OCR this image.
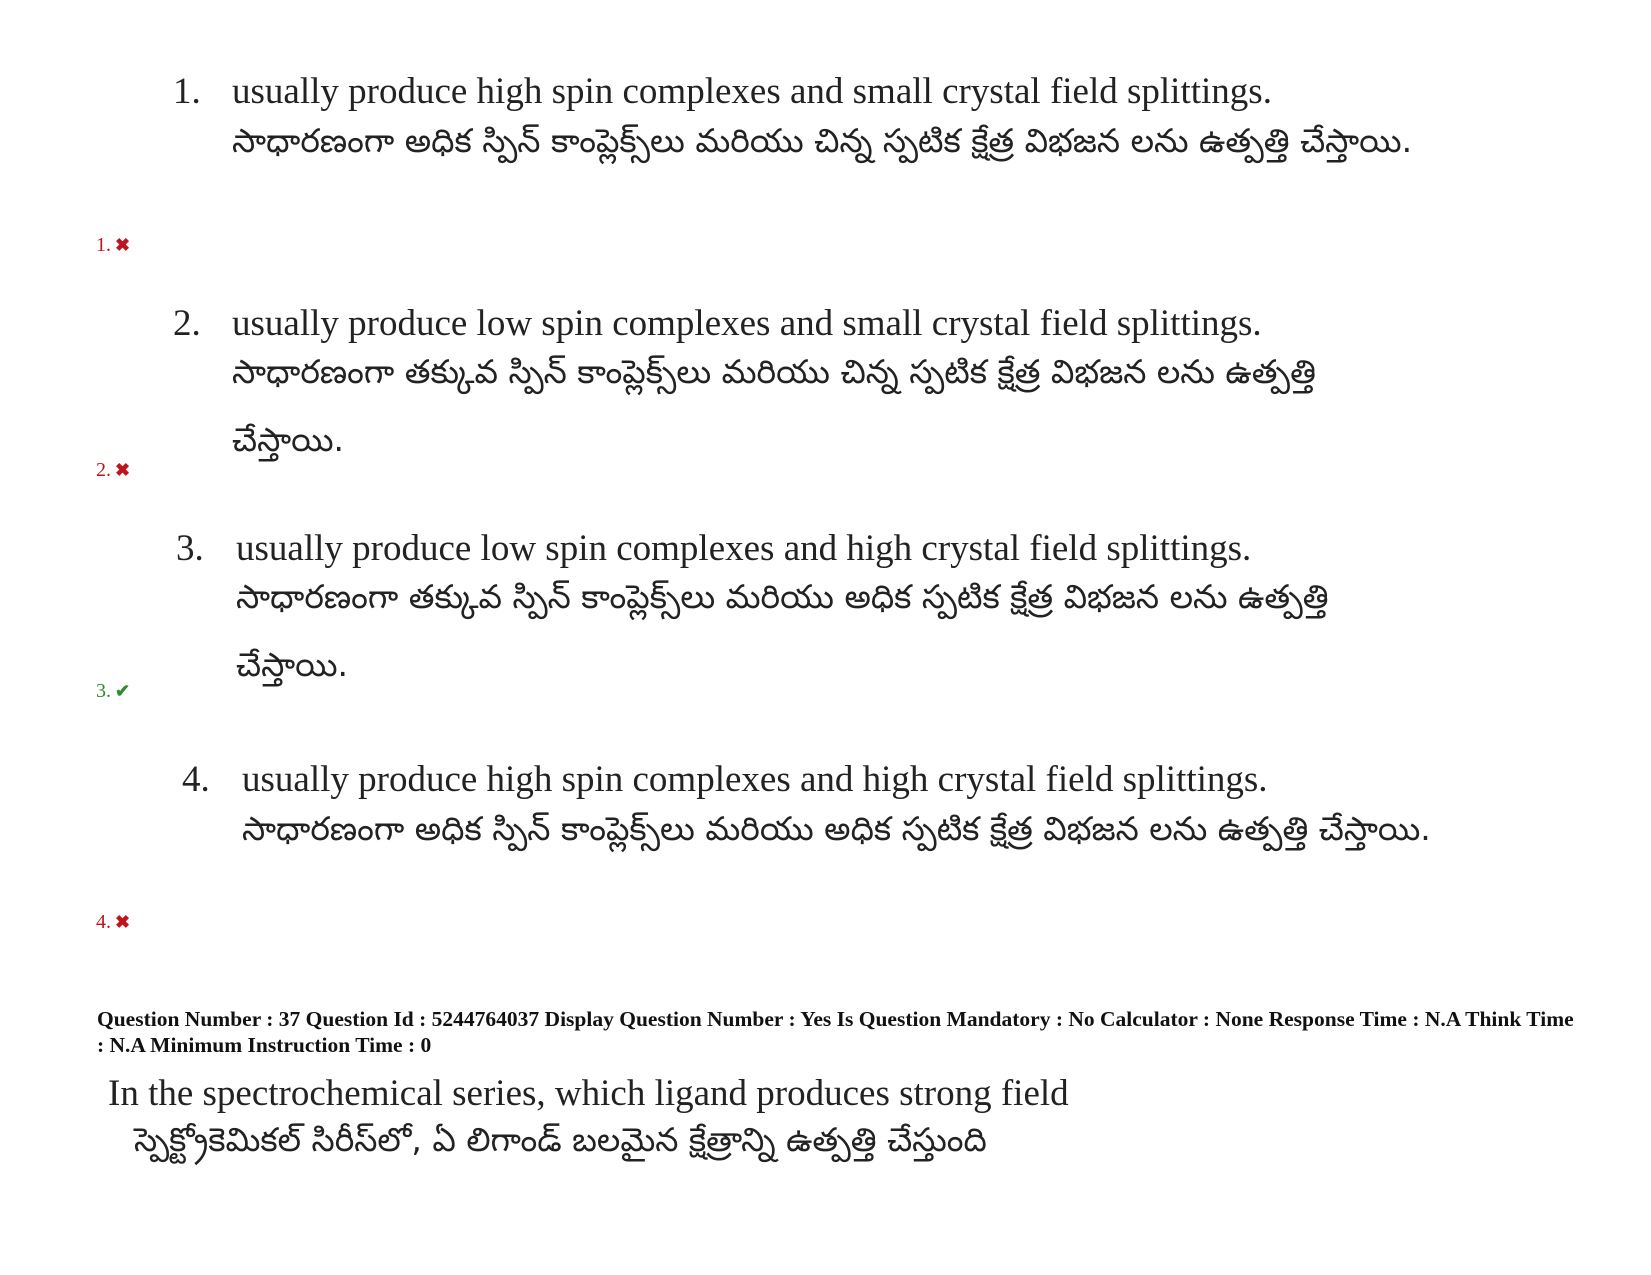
1. usually produce high spin complexes and small crystal field splittings.
సాధారణంగా అధిక స్పిన్ కాంప్లెక్స్‌లు మరియు చిన్న స్పటిక క్షేత్ర విభజన లను ఉత్పత్తి చేస్తాయి.
1. ✖
2. usually produce low spin complexes and small crystal field splittings.
సాధారణంగా తక్కువ స్పిన్ కాంప్లెక్స్‌లు మరియు చిన్న స్పటిక క్షేత్ర విభజన లను ఉత్పత్తి చేస్తాయి.
2. ✖
3. usually produce low spin complexes and high crystal field splittings.
సాధారణంగా తక్కువ స్పిన్ కాంప్లెక్స్‌లు మరియు అధిక స్పటిక క్షేత్ర విభజన లను ఉత్పత్తి చేస్తాయి.
3. ✔
4. usually produce high spin complexes and high crystal field splittings.
సాధారణంగా అధిక స్పిన్ కాంప్లెక్స్‌లు మరియు అధిక స్పటిక క్షేత్ర విభజన లను ఉత్పత్తి చేస్తాయి.
4. ✖
Question Number : 37 Question Id : 5244764037 Display Question Number : Yes Is Question Mandatory : No Calculator : None Response Time : N.A Think Time : N.A Minimum Instruction Time : 0
In the spectrochemical series, which ligand produces strong field
స్పెక్ట్రోకెమికల్ సిరీస్‌లో, ఏ లిగాండ్ బలమైన క్షేత్రాన్ని ఉత్పత్తి చేస్తుంది
